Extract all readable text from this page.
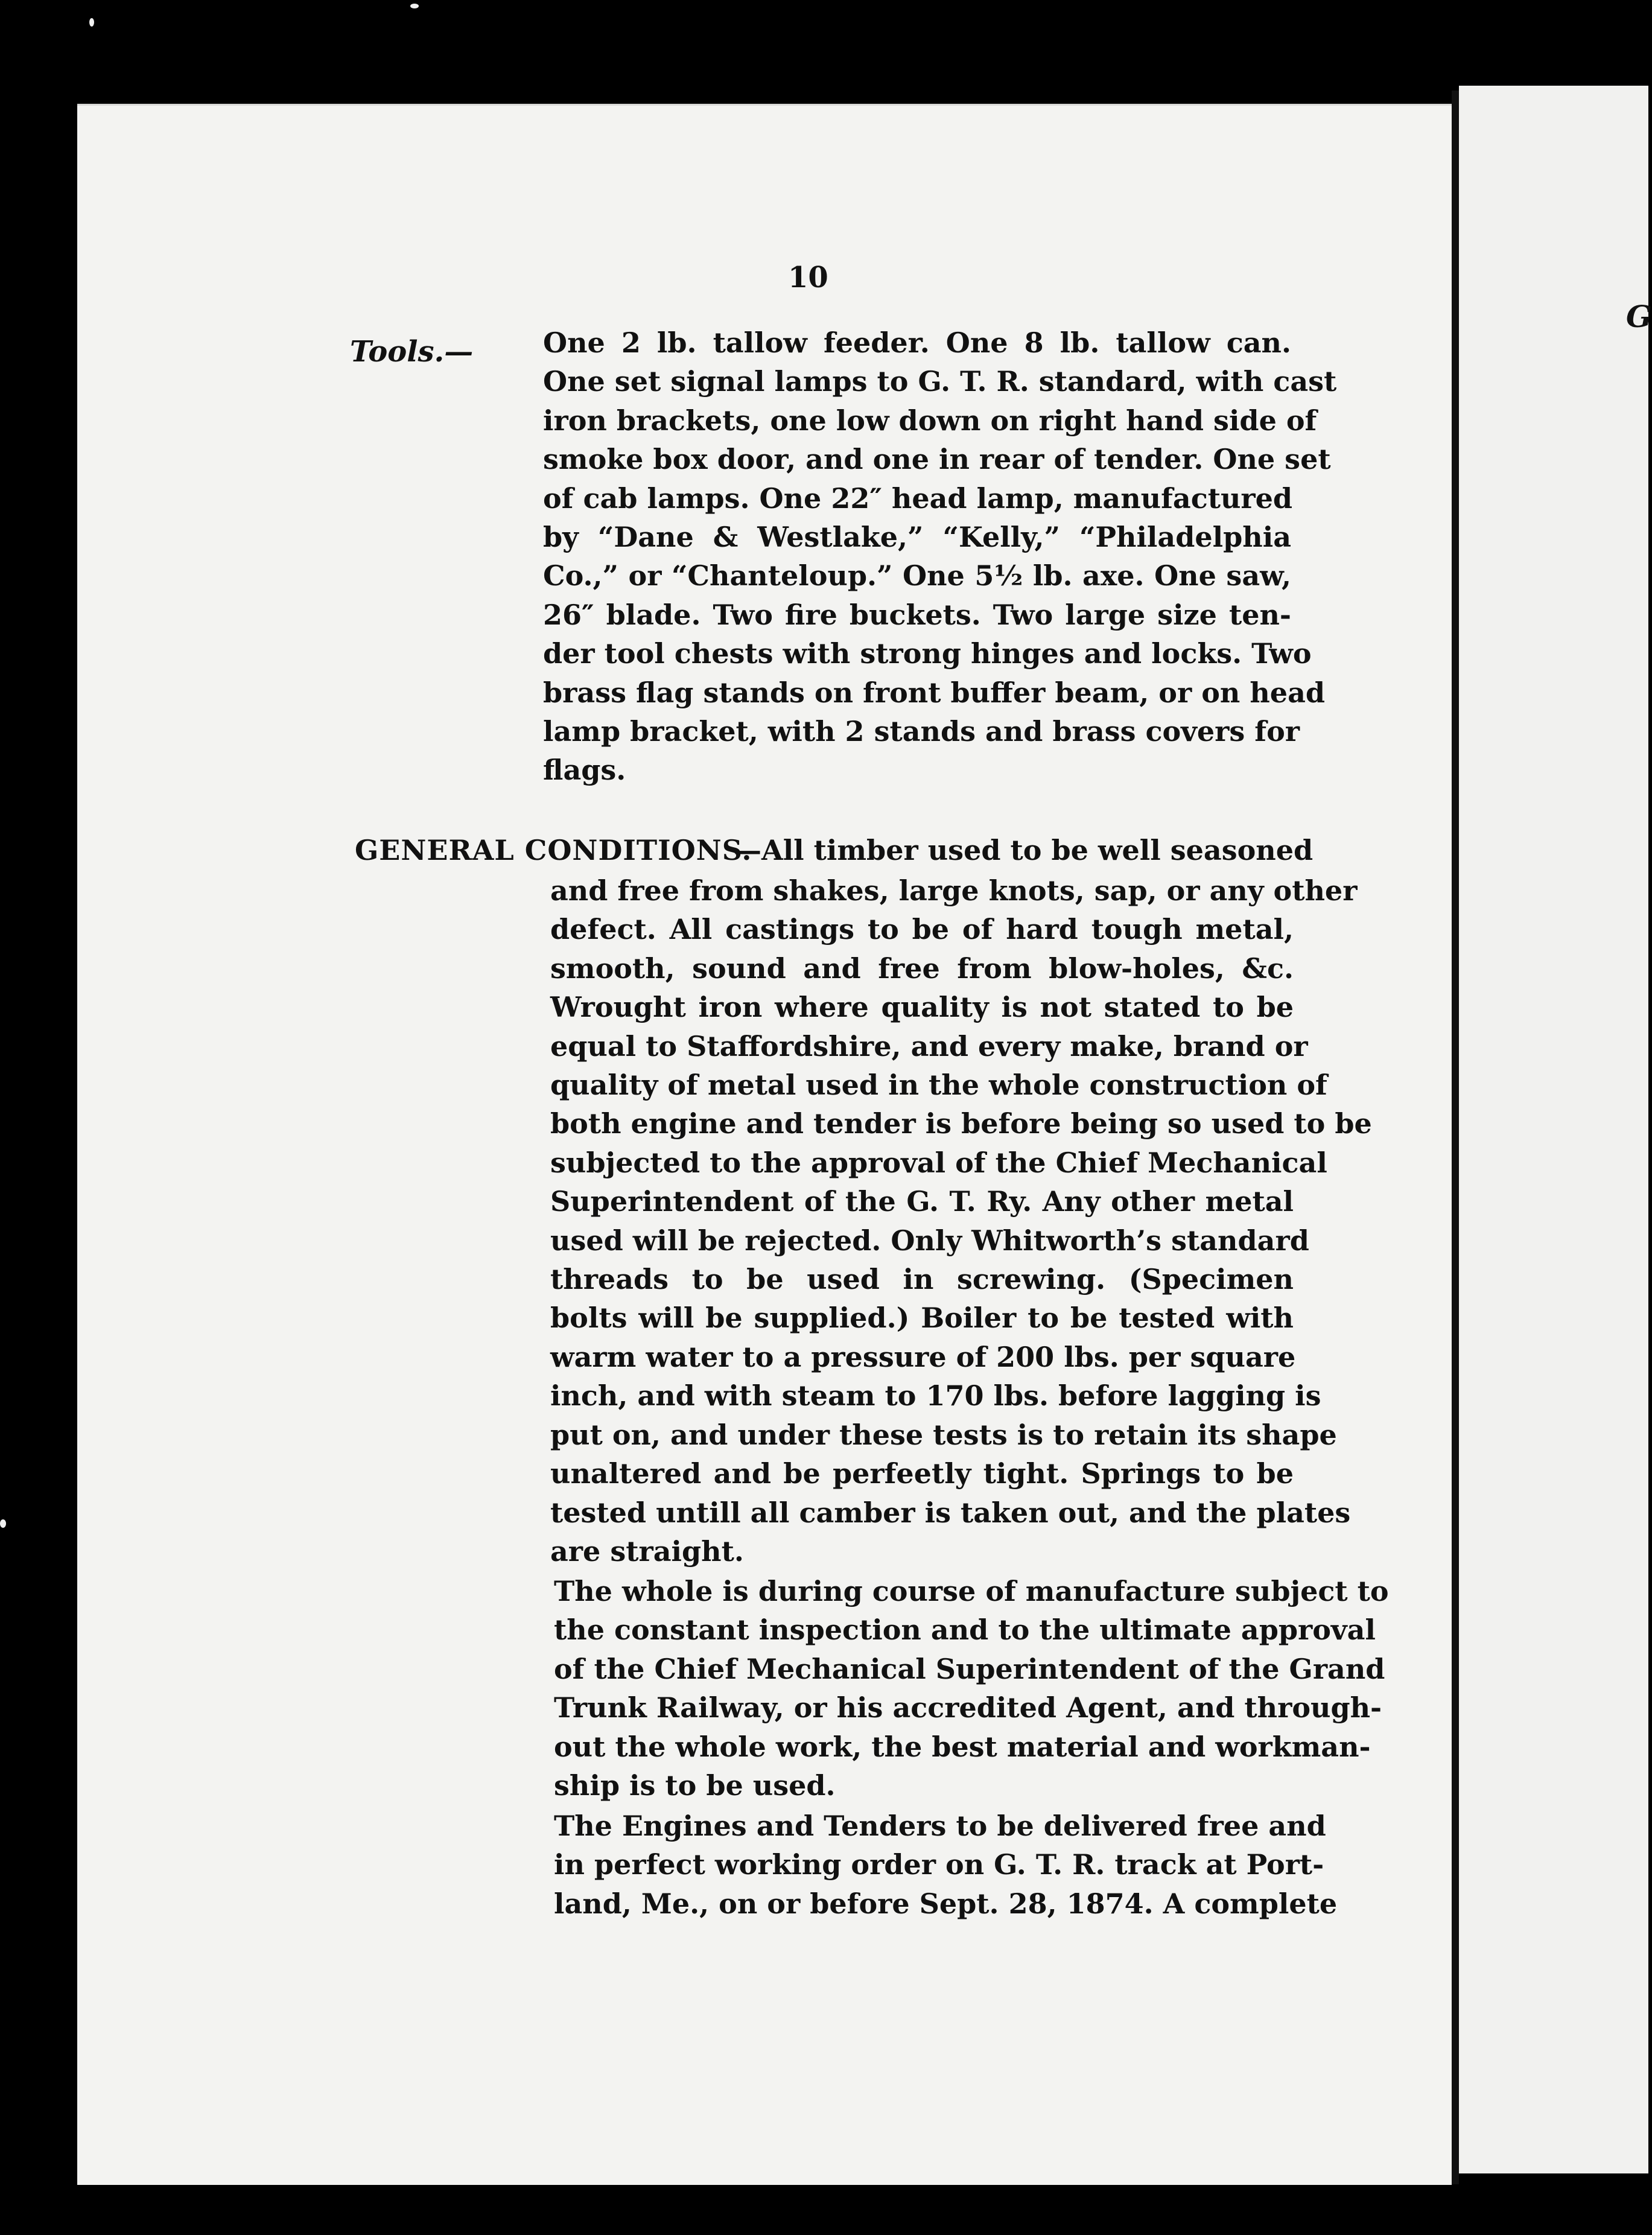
G
10
Tools.—	One 2 lb. tallow feeder. One 8 lb. tallow can.
One set signal lamps to G. T. R. standard, with cast
iron brackets, one low down on right hand side of
smoke box door, and one in rear of tender. One set
of cab lamps. One 22″ head lamp, manufactured
by “Dane & Westlake,” “Kelly,” “Philadelphia
Co.,” or “Chanteloup.” One 5½ lb. axe. One saw,
26″ blade. Two fire buckets. Two large size ten-
der tool chests with strong hinges and locks. Two
brass flag stands on front buffer beam, or on head
lamp bracket, with 2 stands and brass covers for
flags.
GENERAL CONDITIONS.
—All timber used to be well seasoned
and free from shakes, large knots, sap, or any other
defect. All castings to be of hard tough metal,
smooth, sound and free from blow-holes, &c.
Wrought iron where quality is not stated to be
equal to Staffordshire, and every make, brand or
quality of metal used in the whole construction of
both engine and tender is before being so used to be
subjected to the approval of the Chief Mechanical
Superintendent of the G. T. Ry. Any other metal
used will be rejected. Only Whitworth’s standard
threads to be used in screwing. (Specimen
bolts will be supplied.) Boiler to be tested with
warm water to a pressure of 200 lbs. per square
inch, and with steam to 170 lbs. before lagging is
put on, and under these tests is to retain its shape
unaltered and be perfeetly tight. Springs to be
tested untill all camber is taken out, and the plates
are straight.
The whole is during course of manufacture subject to
the constant inspection and to the ultimate approval
of the Chief Mechanical Superintendent of the Grand
Trunk Railway, or his accredited Agent, and through-
out the whole work, the best material and workman-
ship is to be used.
The Engines and Tenders to be delivered free and
in perfect working order on G. T. R. track at Port-
land, Me., on or before Sept. 28, 1874. A complete
